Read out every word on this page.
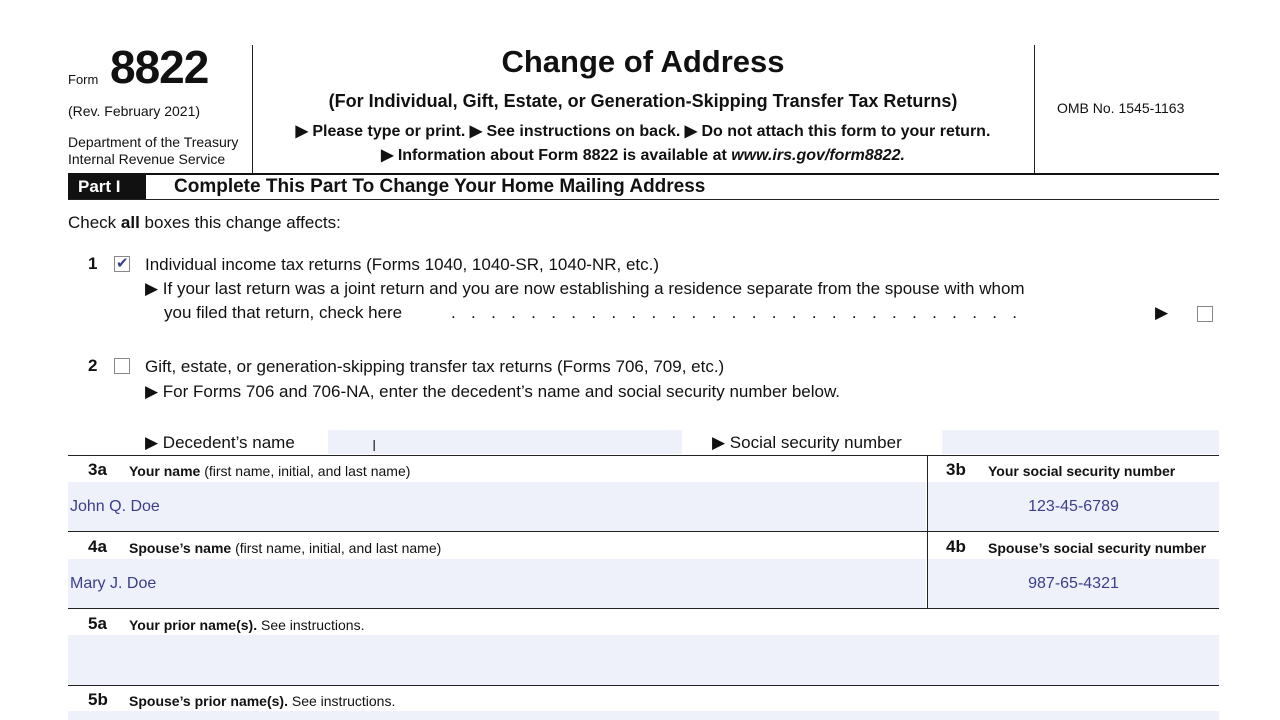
Form 8822
(Rev. February 2021)
Department of the Treasury
Internal Revenue Service
Change of Address
(For Individual, Gift, Estate, or Generation-Skipping Transfer Tax Returns)
▶ Please type or print. ▶ See instructions on back. ▶ Do not attach this form to your return.
▶ Information about Form 8822 is available at www.irs.gov/form8822.
OMB No. 1545-1163
Part I	Complete This Part To Change Your Home Mailing Address
Check all boxes this change affects:
1 ✔ Individual income tax returns (Forms 1040, 1040-SR, 1040-NR, etc.)
▶ If your last return was a joint return and you are now establishing a residence separate from the spouse with whom
you filed that return, check here	. . . . . . . . . . . . . . . . . . . . . . . . . . . . .	▶
2	Gift, estate, or generation-skipping transfer tax returns (Forms 706, 709, etc.)
▶ For Forms 706 and 706-NA, enter the decedent’s name and social security number below.
▶ Decedent’s name	▶ Social security number
I
3a Your name (first name, initial, and last name)
John Q. Doe
3b Your social security number
123-45-6789
4a Spouse’s name (first name, initial, and last name)
Mary J. Doe
4b Spouse’s social security number
987-65-4321
5a Your prior name(s). See instructions.
5b Spouse’s prior name(s). See instructions.
